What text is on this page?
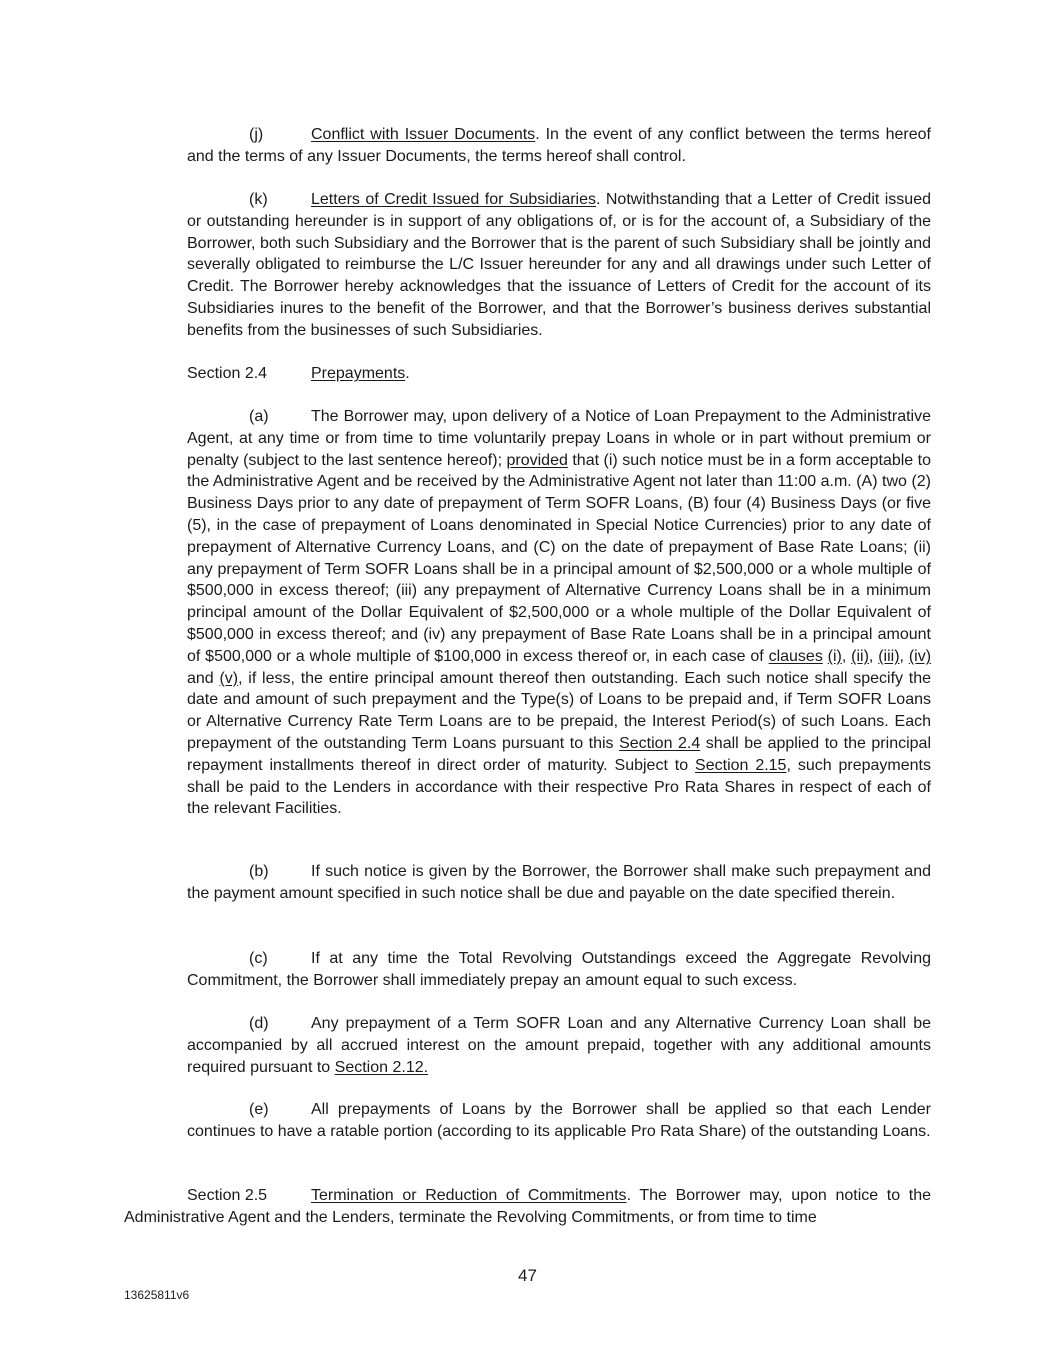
(j)	Conflict with Issuer Documents. In the event of any conflict between the terms hereof and the terms of any Issuer Documents, the terms hereof shall control.

(k)	Letters of Credit Issued for Subsidiaries. Notwithstanding that a Letter of Credit issued or outstanding hereunder is in support of any obligations of, or is for the account of, a Subsidiary of the Borrower, both such Subsidiary and the Borrower that is the parent of such Subsidiary shall be jointly and severally obligated to reimburse the L/C Issuer hereunder for any and all drawings under such Letter of Credit. The Borrower hereby acknowledges that the issuance of Letters of Credit for the account of its Subsidiaries inures to the benefit of the Borrower, and that the Borrower’s business derives substantial benefits from the businesses of such Subsidiaries.

Section 2.4	Prepayments.

(a)	The Borrower may, upon delivery of a Notice of Loan Prepayment to the Administrative Agent, at any time or from time to time voluntarily prepay Loans in whole or in part without premium or penalty (subject to the last sentence hereof); provided that (i) such notice must be in a form acceptable to the Administrative Agent and be received by the Administrative Agent not later than 11:00 a.m. (A) two (2) Business Days prior to any date of prepayment of Term SOFR Loans, (B) four (4) Business Days (or five (5), in the case of prepayment of Loans denominated in Special Notice Currencies) prior to any date of prepayment of Alternative Currency Loans, and (C) on the date of prepayment of Base Rate Loans; (ii) any prepayment of Term SOFR Loans shall be in a principal amount of $2,500,000 or a whole multiple of $500,000 in excess thereof; (iii) any prepayment of Alternative Currency Loans shall be in a minimum principal amount of the Dollar Equivalent of $2,500,000 or a whole multiple of the Dollar Equivalent of $500,000 in excess thereof; and (iv) any prepayment of Base Rate Loans shall be in a principal amount of $500,000 or a whole multiple of $100,000 in excess thereof or, in each case of clauses (i), (ii), (iii), (iv) and (v), if less, the entire principal amount thereof then outstanding. Each such notice shall specify the date and amount of such prepayment and the Type(s) of Loans to be prepaid and, if Term SOFR Loans or Alternative Currency Rate Term Loans are to be prepaid, the Interest Period(s) of such Loans. Each prepayment of the outstanding Term Loans pursuant to this Section 2.4 shall be applied to the principal repayment installments thereof in direct order of maturity. Subject to Section 2.15, such prepayments shall be paid to the Lenders in accordance with their respective Pro Rata Shares in respect of each of the relevant Facilities.

(b)	If such notice is given by the Borrower, the Borrower shall make such prepayment and the payment amount specified in such notice shall be due and payable on the date specified therein.

(c)	If at any time the Total Revolving Outstandings exceed the Aggregate Revolving Commitment, the Borrower shall immediately prepay an amount equal to such excess.

(d)	Any prepayment of a Term SOFR Loan and any Alternative Currency Loan shall be accompanied by all accrued interest on the amount prepaid, together with any additional amounts required pursuant to Section 2.12.

(e)	All prepayments of Loans by the Borrower shall be applied so that each Lender continues to have a ratable portion (according to its applicable Pro Rata Share) of the outstanding Loans.

Section 2.5	Termination or Reduction of Commitments. The Borrower may, upon notice to the Administrative Agent and the Lenders, terminate the Revolving Commitments, or from time to time

47
13625811v6
